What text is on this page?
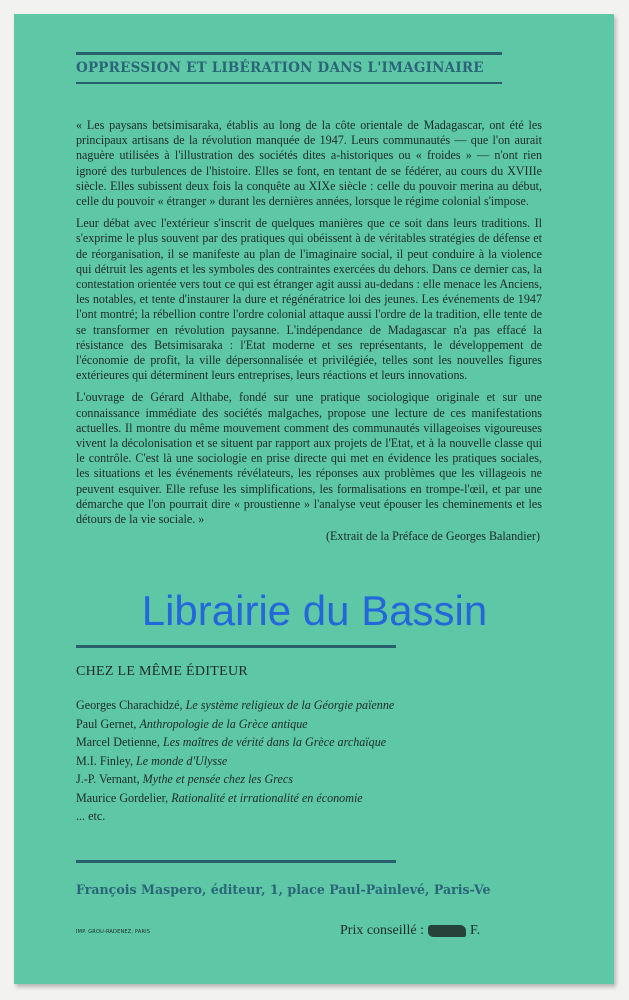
OPPRESSION ET LIBÉRATION DANS L'IMAGINAIRE

« Les paysans betsimisaraka, établis au long de la côte orientale de Madagascar, ont été les principaux artisans de la révolution manquée de 1947. Leurs communautés — que l'on aurait naguère utilisées à l'illustration des sociétés dites a-historiques ou « froides » — n'ont rien ignoré des turbulences de l'histoire. Elles se font, en tentant de se fédérer, au cours du XVIIIe siècle. Elles subissent deux fois la conquête au XIXe siècle : celle du pouvoir merina au début, celle du pouvoir « étranger » durant les dernières années, lorsque le régime colonial s'impose.

Leur débat avec l'extérieur s'inscrit de quelques manières que ce soit dans leurs traditions. Il s'exprime le plus souvent par des pratiques qui obéissent à de véritables stratégies de défense et de réorganisation, il se manifeste au plan de l'imaginaire social, il peut conduire à la violence qui détruit les agents et les symboles des contraintes exercées du dehors. Dans ce dernier cas, la contestation orientée vers tout ce qui est étranger agit aussi au-dedans : elle menace les Anciens, les notables, et tente d'instaurer la dure et régénératrice loi des jeunes. Les événements de 1947 l'ont montré; la rébellion contre l'ordre colonial attaque aussi l'ordre de la tradition, elle tente de se transformer en révolution paysanne. L'indépendance de Madagascar n'a pas effacé la résistance des Betsimisaraka : l'Etat moderne et ses représentants, le développement de l'économie de profit, la ville dépersonnalisée et privilégiée, telles sont les nouvelles figures extérieures qui déterminent leurs entreprises, leurs réactions et leurs innovations.

L'ouvrage de Gérard Althabe, fondé sur une pratique sociologique originale et sur une connaissance immédiate des sociétés malgaches, propose une lecture de ces manifestations actuelles. Il montre du même mouvement comment des communautés villageoises vigoureuses vivent la décolonisation et se situent par rapport aux projets de l'Etat, et à la nouvelle classe qui le contrôle. C'est là une sociologie en prise directe qui met en évidence les pratiques sociales, les situations et les événements révélateurs, les réponses aux problèmes que les villageois ne peuvent esquiver. Elle refuse les simplifications, les formalisations en trompe-l'œil, et par une démarche que l'on pourrait dire « proustienne » l'analyse veut épouser les cheminements et les détours de la vie sociale. »

(Extrait de la Préface de Georges Balandier)
Librairie du Bassin
CHEZ LE MÊME ÉDITEUR
Georges Charachidzé, Le système religieux de la Géorgie païenne
Paul Gernet, Anthropologie de la Grèce antique
Marcel Detienne, Les maîtres de vérité dans la Grèce archaïque
M.I. Finley, Le monde d'Ulysse
J.-P. Vernant, Mythe et pensée chez les Grecs
Maurice Gordelier, Rationalité et irrationalité en économie
... etc.
François Maspero, éditeur, 1, place Paul-Painlevé, Paris-Ve
IMP. GROU-RADENEZ, PARIS	Prix conseillé :	F.
